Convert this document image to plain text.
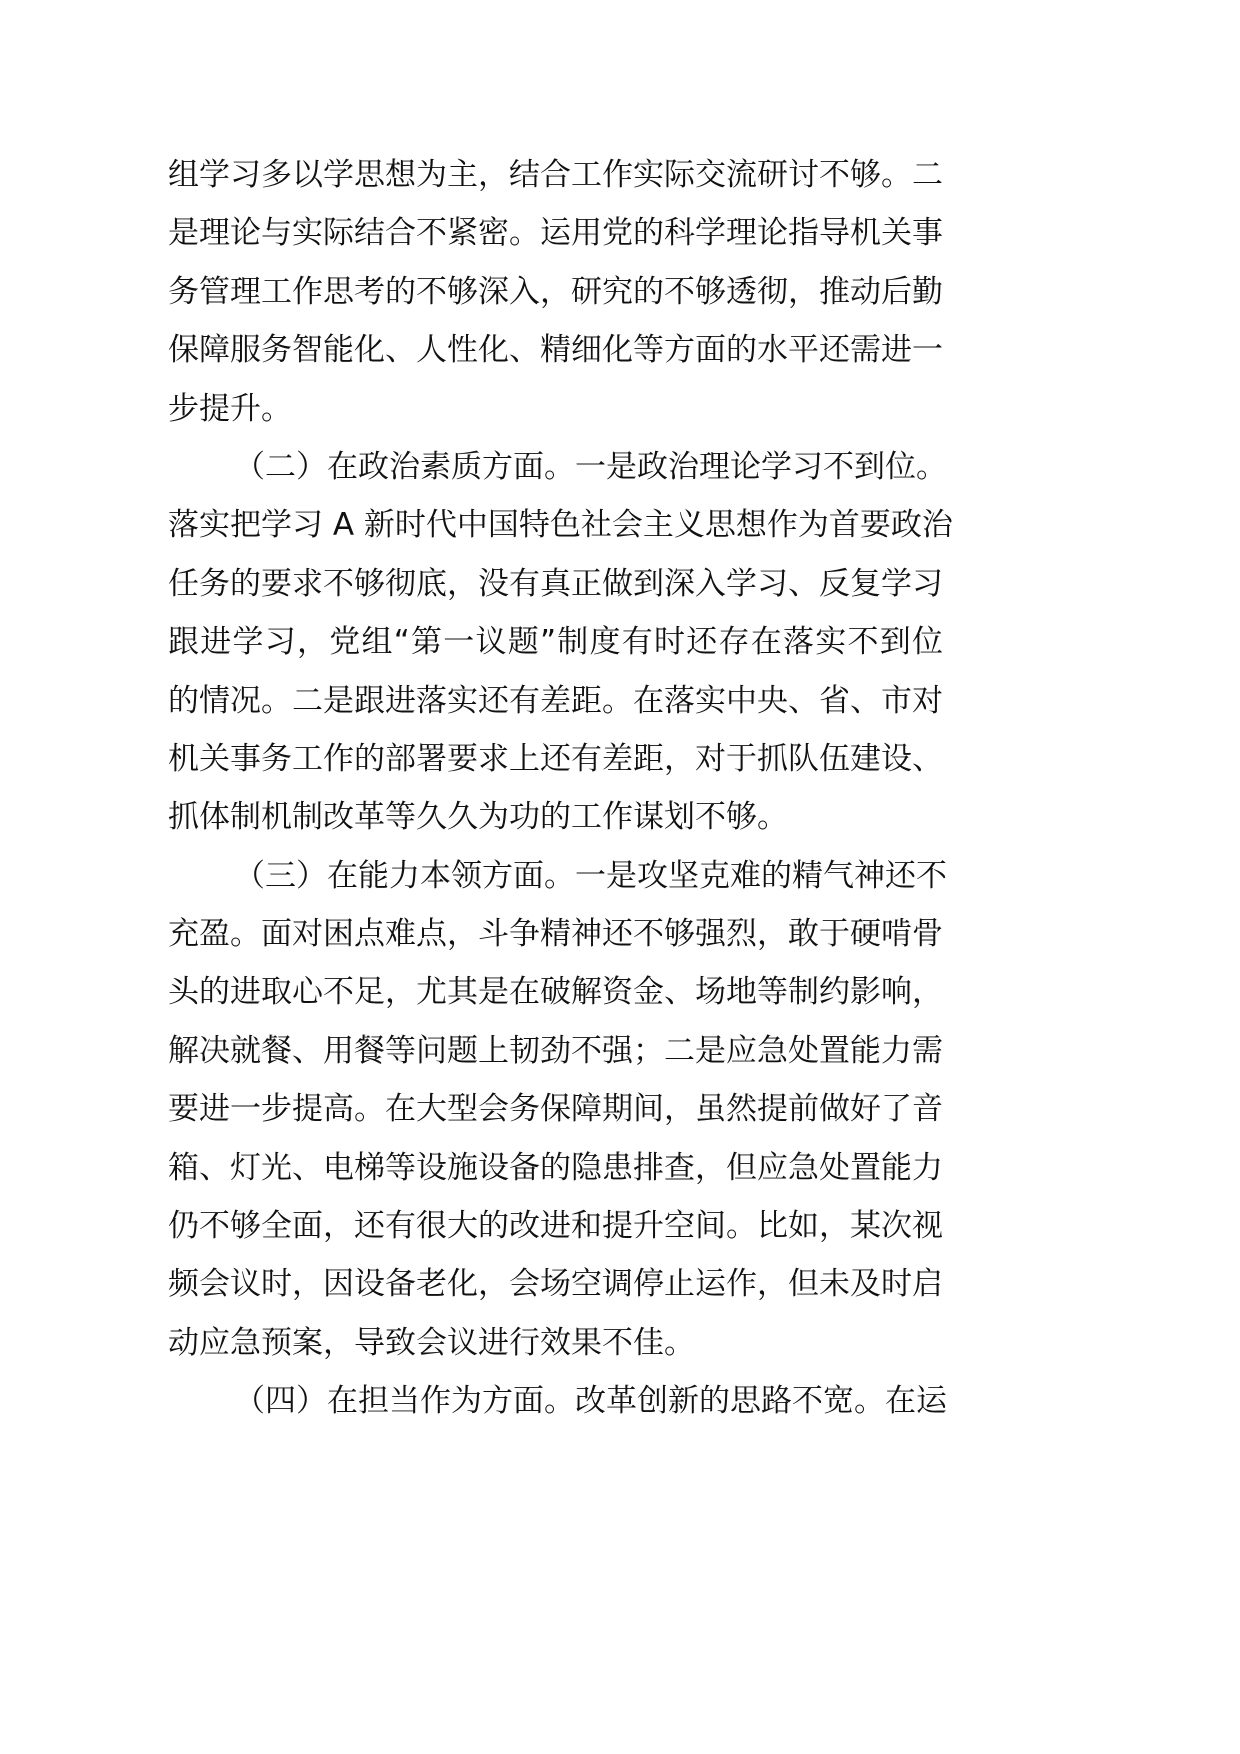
组学习多以学思想为主，结合工作实际交流研讨不够。二
是理论与实际结合不紧密。运用党的科学理论指导机关事
务管理工作思考的不够深入，研究的不够透彻，推动后勤
保障服务智能化、人性化、精细化等方面的水平还需进一
步提升。
（二）在政治素质方面。一是政治理论学习不到位。
落实把学习 A 新时代中国特色社会主义思想作为首要政治
任务的要求不够彻底，没有真正做到深入学习、反复学习
跟进学习，党组“第一议题”制度有时还存在落实不到位
的情况。二是跟进落实还有差距。在落实中央、省、市对
机关事务工作的部署要求上还有差距，对于抓队伍建设、
抓体制机制改革等久久为功的工作谋划不够。
（三）在能力本领方面。一是攻坚克难的精气神还不
充盈。面对困点难点，斗争精神还不够强烈，敢于硬啃骨
头的进取心不足，尤其是在破解资金、场地等制约影响，
解决就餐、用餐等问题上韧劲不强；二是应急处置能力需
要进一步提高。在大型会务保障期间，虽然提前做好了音
箱、灯光、电梯等设施设备的隐患排查，但应急处置能力
仍不够全面，还有很大的改进和提升空间。比如，某次视
频会议时，因设备老化，会场空调停止运作，但未及时启
动应急预案，导致会议进行效果不佳。
（四）在担当作为方面。改革创新的思路不宽。在运
